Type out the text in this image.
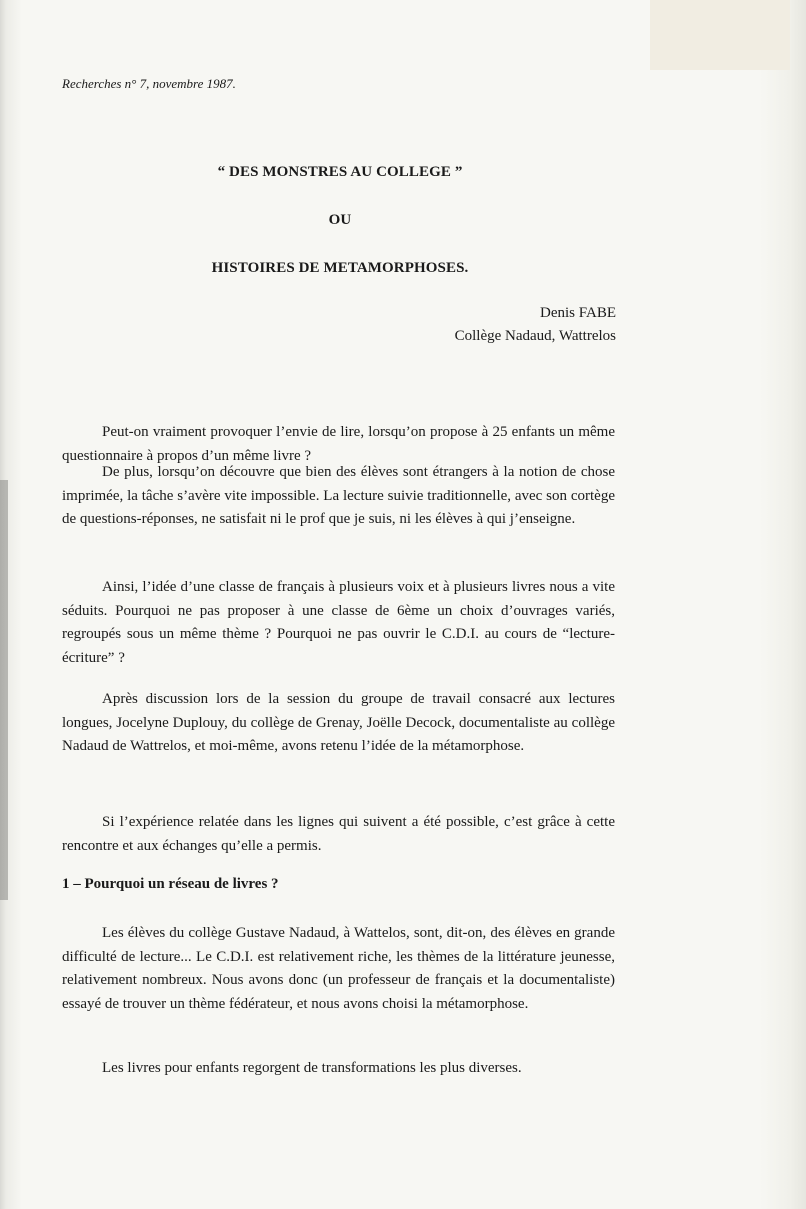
Recherches n° 7, novembre 1987.
“ DES MONSTRES AU COLLEGE ”
OU
HISTOIRES DE METAMORPHOSES.
Denis FABE
Collège Nadaud, Wattrelos

Peut-on vraiment provoquer l’envie de lire, lorsqu’on propose à 25 enfants un même questionnaire à propos d’un même livre ?

De plus, lorsqu’on découvre que bien des élèves sont étrangers à la notion de chose imprimée, la tâche s’avère vite impossible. La lecture suivie traditionnelle, avec son cortège de questions-réponses, ne satisfait ni le prof que je suis, ni les élèves à qui j’enseigne.

Ainsi, l’idée d’une classe de français à plusieurs voix et à plusieurs livres nous a vite séduits. Pourquoi ne pas proposer à une classe de 6ème un choix d’ouvrages variés, regroupés sous un même thème ? Pourquoi ne pas ouvrir le C.D.I. au cours de “lecture-écriture” ?

Après discussion lors de la session du groupe de travail consacré aux lectures longues, Jocelyne Duplouy, du collège de Grenay, Joëlle Decock, documentaliste au collège Nadaud de Wattrelos, et moi-même, avons retenu l’idée de la métamorphose.

Si l’expérience relatée dans les lignes qui suivent a été possible, c’est grâce à cette rencontre et aux échanges qu’elle a permis.

1 – Pourquoi un réseau de livres ?

Les élèves du collège Gustave Nadaud, à Wattelos, sont, dit-on, des élèves en grande difficulté de lecture... Le C.D.I. est relativement riche, les thèmes de la littérature jeunesse, relativement nombreux. Nous avons donc (un professeur de français et la documentaliste) essayé de trouver un thème fédérateur, et nous avons choisi la métamorphose.

Les livres pour enfants regorgent de transformations les plus diverses.
